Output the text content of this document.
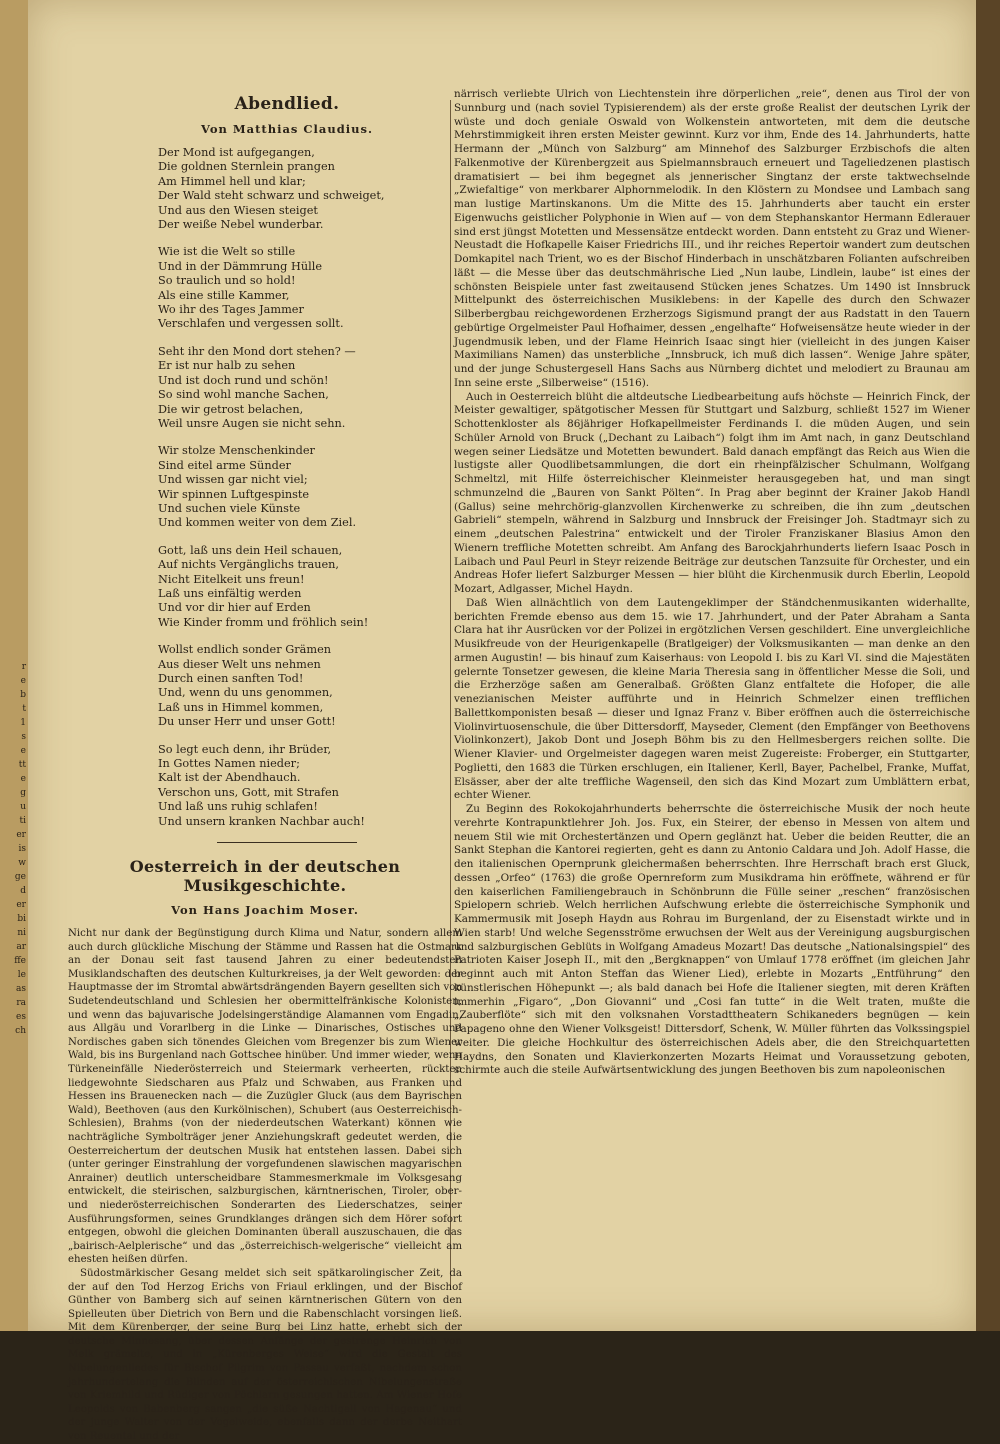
r
e
b
t
1
s
e
tt
e
g
u
ti
er
is
w
ge
d
er
bi
ni
ar
ffe
le
as
ra
es
ch
Abendlied.
Von Matthias Claudius.
Der Mond ist aufgegangen,
Die goldnen Sternlein prangen
Am Himmel hell und klar;
Der Wald steht schwarz und schweiget,
Und aus den Wiesen steiget
Der weiße Nebel wunderbar.
Wie ist die Welt so stille
Und in der Dämmrung Hülle
So traulich und so hold!
Als eine stille Kammer,
Wo ihr des Tages Jammer
Verschlafen und vergessen sollt.
Seht ihr den Mond dort stehen? —
Er ist nur halb zu sehen
Und ist doch rund und schön!
So sind wohl manche Sachen,
Die wir getrost belachen,
Weil unsre Augen sie nicht sehn.
Wir stolze Menschenkinder
Sind eitel arme Sünder
Und wissen gar nicht viel;
Wir spinnen Luftgespinste
Und suchen viele Künste
Und kommen weiter von dem Ziel.
Gott, laß uns dein Heil schauen,
Auf nichts Vergänglichs trauen,
Nicht Eitelkeit uns freun!
Laß uns einfältig werden
Und vor dir hier auf Erden
Wie Kinder fromm und fröhlich sein!
Wollst endlich sonder Grämen
Aus dieser Welt uns nehmen
Durch einen sanften Tod!
Und, wenn du uns genommen,
Laß uns in Himmel kommen,
Du unser Herr und unser Gott!
So legt euch denn, ihr Brüder,
In Gottes Namen nieder;
Kalt ist der Abendhauch.
Verschon uns, Gott, mit Strafen
Und laß uns ruhig schlafen!
Und unsern kranken Nachbar auch!
Oesterreich in der deutschen Musikgeschichte.
Von Hans Joachim Moser.

Nicht nur dank der Begünstigung durch Klima und Natur, sondern allem auch durch glückliche Mischung der Stämme und Rassen hat die Ostmark an der Donau seit fast tausend Jahren zu einer bedeutendsten Musiklandschaften des deutschen Kulturkreises, ja der Welt geworden: der Hauptmasse der im Stromtal abwärtsdrängenden Bayern gesellten sich von Sudetendeutschland und Schlesien her obermittelfränkische Kolonisten, und wenn das bajuvarische Jodelsingerständige Alamannen vom Engadin, aus Allgäu und Vorarlberg in die Linke — Dinarisches, Ostisches und Nordisches gaben sich tönendes Gleichen vom Bregenzer bis zum Wiener Wald, bis ins Burgenland nach Gottschee hinüber. Und immer wieder, wenn Türkeneinfälle Niederösterreich und Steiermark verheerten, rückten liedgewohnte Siedscharen aus Pfalz und Schwaben, aus Franken und Hessen ins Brauenecken nach — die Zuzügler Gluck (aus dem Bayrischen Wald), Beethoven (aus den Kurkölnischen), Schubert (aus Oesterreichisch-Schlesien), Brahms (von der niederdeutschen Waterkant) können wie nachträgliche Symbolträger jener Anziehungskraft gedeutet werden, die Oesterreichertum der deutschen Musik hat entstehen lassen. Dabei sich (unter geringer Einstrahlung der vorgefundenen slawischen magyarischen Anrainer) deutlich unterscheidbare Stammesmerkmale im Volksgesang entwickelt, die steirischen, salzburgischen, kärntnerischen, Tiroler, ober- und niederösterreichischen Sonderarten des Liederschatzes, seiner Ausführungsformen, seines Grundklanges drängen sich dem Hörer sofort entgegen, obwohl die gleichen Dominanten überall auszuschauen, die das „bairisch-Aelplerische“ und das „österreichisch-welgerische“ vielleicht am ehesten heißen dürfen.

Südostmärkischer Gesang meldet sich seit spätkarolingischer Zeit, da der auf den Tod Herzog Erichs von Friaul erklingen, und der Bischof Günther von Bamberg sich auf seinen kärntnerischen Gütern von den Spielleuten über Dietrich von Bern und die Rabenschlacht vorsingen ließ. Mit dem Kürenberger, der seine Burg bei Linz hatte, erhebt sich der deutsche Minnesang, über dessen Anfänge der gestrenge Heinrich von Melk grämelte, und in „Kürenberges Weise“ wird die Gestalt des Nibelungenliedes für Bischof Pilgrim von Passau verfaßt, nachdem schon jahrhundertelang die Blinden auf der österreichischen Nibelungenstraße von Kriemhild und Rüdiger von Pöchlarn gesungen hatten. Am Wiener Hofe Leopolds von Babenberg sangen „die süße Nachtigall von Hagenau“ und der junge Walter von der Vogelweide, ebenfalls dann der derbe Neithart von Reuental und der

närrisch verliebte Ulrich von Liechtenstein ihre dörperlichen „reie“, denen aus Tirol der von Sunnburg und (nach soviel Typisierendem) als der erste große Realist der deutschen Lyrik der wüste und doch geniale Oswald von Wolkenstein antworteten, mit dem die deutsche Mehrstimmigkeit ihren ersten Meister gewinnt. Kurz vor ihm, Ende des 14. Jahrhunderts, hatte Hermann der „Münch von Salzburg“ am Minnehof des Salzburger Erzbischofs die alten Falkenmotive der Kürenbergzeit aus Spielmannsbrauch erneuert und Tageliedzenen plastisch dramatisiert — bei ihm begegnet als jennerischer Singtanz der erste taktwechselnde „Zwiefaltige“ von merkbarer Alphornmelodik. In den Klöstern zu Mondsee und Lambach sang man lustige Martinskanons. Um die Mitte des 15. Jahrhunderts aber taucht ein erster Eigenwuchs geistlicher Polyphonie in Wien auf — von dem Stephanskantor Hermann Edlerauer sind erst jüngst Motetten und Messensätze entdeckt worden. Dann entsteht zu Graz und Wiener-Neustadt die Hofkapelle Kaiser Friedrichs III., und ihr reiches Repertoir wandert zum deutschen Domkapitel nach Trient, wo es der Bischof Hinderbach in unschätzbaren Folianten aufschreiben läßt — die Messe über das deutschmährische Lied „Nun laube, Lindlein, laube“ ist eines der schönsten Beispiele unter fast zweitausend Stücken jenes Schatzes. Um 1490 ist Innsbruck Mittelpunkt des österreichischen Musiklebens: in der Kapelle des durch den Schwazer Silberbergbau reichgewordenen Erzherzogs Sigismund prangt der aus Radstatt in den Tauern gebürtige Orgelmeister Paul Hofhaimer, dessen „engelhafte“ Hofweisensätze heute wieder in der Jugendmusik leben, und der Flame Heinrich Isaac singt hier (vielleicht in des jungen Kaiser Maximilians Namen) das unsterbliche „Innsbruck, ich muß dich lassen“. Wenige Jahre später, und der junge Schustergesell Hans Sachs aus Nürnberg dichtet und melodiert zu Braunau am Inn seine erste „Silberweise“ (1516).

Auch in Oesterreich blüht die altdeutsche Liedbearbeitung aufs höchste — Heinrich Finck, der Meister gewaltiger, spätgotischer Messen für Stuttgart und Salzburg, schließt 1527 im Wiener Schottenkloster als 86jähriger Hofkapellmeister Ferdinands I. die müden Augen, und sein Schüler Arnold von Bruck („Dechant zu Laibach“) folgt ihm im Amt nach, in ganz Deutschland wegen seiner Liedsätze und Motetten bewundert. Bald danach empfängt das Reich aus Wien die lustigste aller Quodlibetsammlungen, die dort ein rheinpfälzischer Schulmann, Wolfgang Schmeltzl, mit Hilfe österreichischer Kleinmeister herausgegeben hat, und man singt schmunzelnd die „Bauren von Sankt Pölten“. In Prag aber beginnt der Krainer Jakob Handl (Gallus) seine mehrchörig-glanzvollen Kirchenwerke zu schreiben, die ihn zum „deutschen Gabrieli“ stempeln, während in Salzburg und Innsbruck der Freisinger Joh. Stadtmayr sich zu einem „deutschen Palestrina“ entwickelt und der Tiroler Franziskaner Blasius Amon den Wienern treffliche Motetten schreibt. Am Anfang des Barockjahrhunderts liefern Isaac Posch in Laibach und Paul Peurl in Steyr reizende Beiträge zur deutschen Tanzsuite für Orchester, und ein Andreas Hofer liefert Salzburger Messen — hier blüht die Kirchenmusik durch Eberlin, Leopold Mozart, Adlgasser, Michel Haydn.

Daß Wien allnächtlich von dem Lautengeklimper der Ständchenmusikanten widerhallte, berichten Fremde ebenso aus dem 15. wie 17. Jahrhundert, und der Pater Abraham a Santa Clara hat ihr Ausrücken vor der Polizei in ergötzlichen Versen geschildert. Eine unvergleichliche Musikfreude von der Heurigenkapelle (Bratlgeiger) der Volksmusikanten — man denke an den armen Augustin! — bis hinauf zum Kaiserhaus: von Leopold I. bis zu Karl VI. sind die Majestäten gelernte Tonsetzer gewesen, die kleine Maria Theresia sang in öffentlicher Messe die Soli, und die Erzherzöge saßen am Generalbaß. Größten Glanz entfaltete die Hofoper, die alle venezianischen Meister aufführte und in Heinrich Schmelzer einen trefflichen Ballettkomponisten besaß — dieser und Ignaz Franz v. Biber eröffnen auch die österreichische Violinvirtuosenschule, die über Dittersdorff, Mayseder, Clement (den Empfänger von Beethovens Violinkonzert), Jakob Dont und Joseph Böhm bis zu den Hellmesbergers reichen sollte. Die Wiener Klavier- und Orgelmeister dagegen waren meist Zugereiste: Froberger, ein Stuttgarter, Poglietti, den 1683 die Türken erschlugen, ein Italiener, Kerll, Bayer, Pachelbel, Franke, Muffat, Elsässer, aber der alte treffliche Wagenseil, den sich das Kind Mozart zum Umblättern erbat, echter Wiener.

Zu Beginn des Rokokojahrhunderts beherrschte die österreichische Musik der noch heute verehrte Kontrapunktlehrer Joh. Jos. Fux, ein Steirer, der ebenso in Messen von altem und neuem Stil wie mit Orchestertänzen und Opern geglänzt hat. Ueber die beiden Reutter, die an Sankt Stephan die Kantorei regierten, geht es dann zu Antonio Caldara und Joh. Adolf Hasse, die den italienischen Opernprunk gleichermaßen beherrschten. Ihre Herrschaft brach erst Gluck, dessen „Orfeo“ (1763) die große Opernreform zum Musikdrama hin eröffnete, während er für den kaiserlichen Familiengebrauch in Schönbrunn die Fülle seiner „reschen“ französischen Spielopern schrieb. Welch herrlichen Aufschwung erlebte die österreichische Symphonik und Kammermusik mit Joseph Haydn aus Rohrau im Burgenland, der zu Eisenstadt wirkte und in Wien starb! Und welche Segensströme erwuchsen der Welt aus der Vereinigung augsburgischen und salzburgischen Geblüts in Wolfgang Amadeus Mozart! Das deutsche „Nationalsingspiel“ des Patrioten Kaiser Joseph II., mit den „Bergknappen“ von Umlauf 1778 eröffnet (im gleichen Jahr beginnt auch mit Anton Steffan das Wiener Lied), erlebte in Mozarts „Entführung“ den künstlerischen Höhepunkt —; als bald danach bei Hofe die Italiener siegten, mit deren Kräften immerhin „Figaro“, „Don Giovanni“ und „Cosi fan tutte“ in die Welt traten, mußte die „Zauberflöte“ sich mit den volksnahen Vorstadttheatern Schikaneders begnügen — kein Papageno ohne den Wiener Volksgeist! Dittersdorf, Schenk, W. Müller führten das Volkssingspiel weiter. Die gleiche Hochkultur des österreichischen Adels aber, die den Streichquartetten Haydns, den Sonaten und Klavierkonzerten Mozarts Heimat und Voraussetzung geboten, schirmte auch die steile Aufwärtsentwicklung des jungen Beethoven bis zum napoleonischen
